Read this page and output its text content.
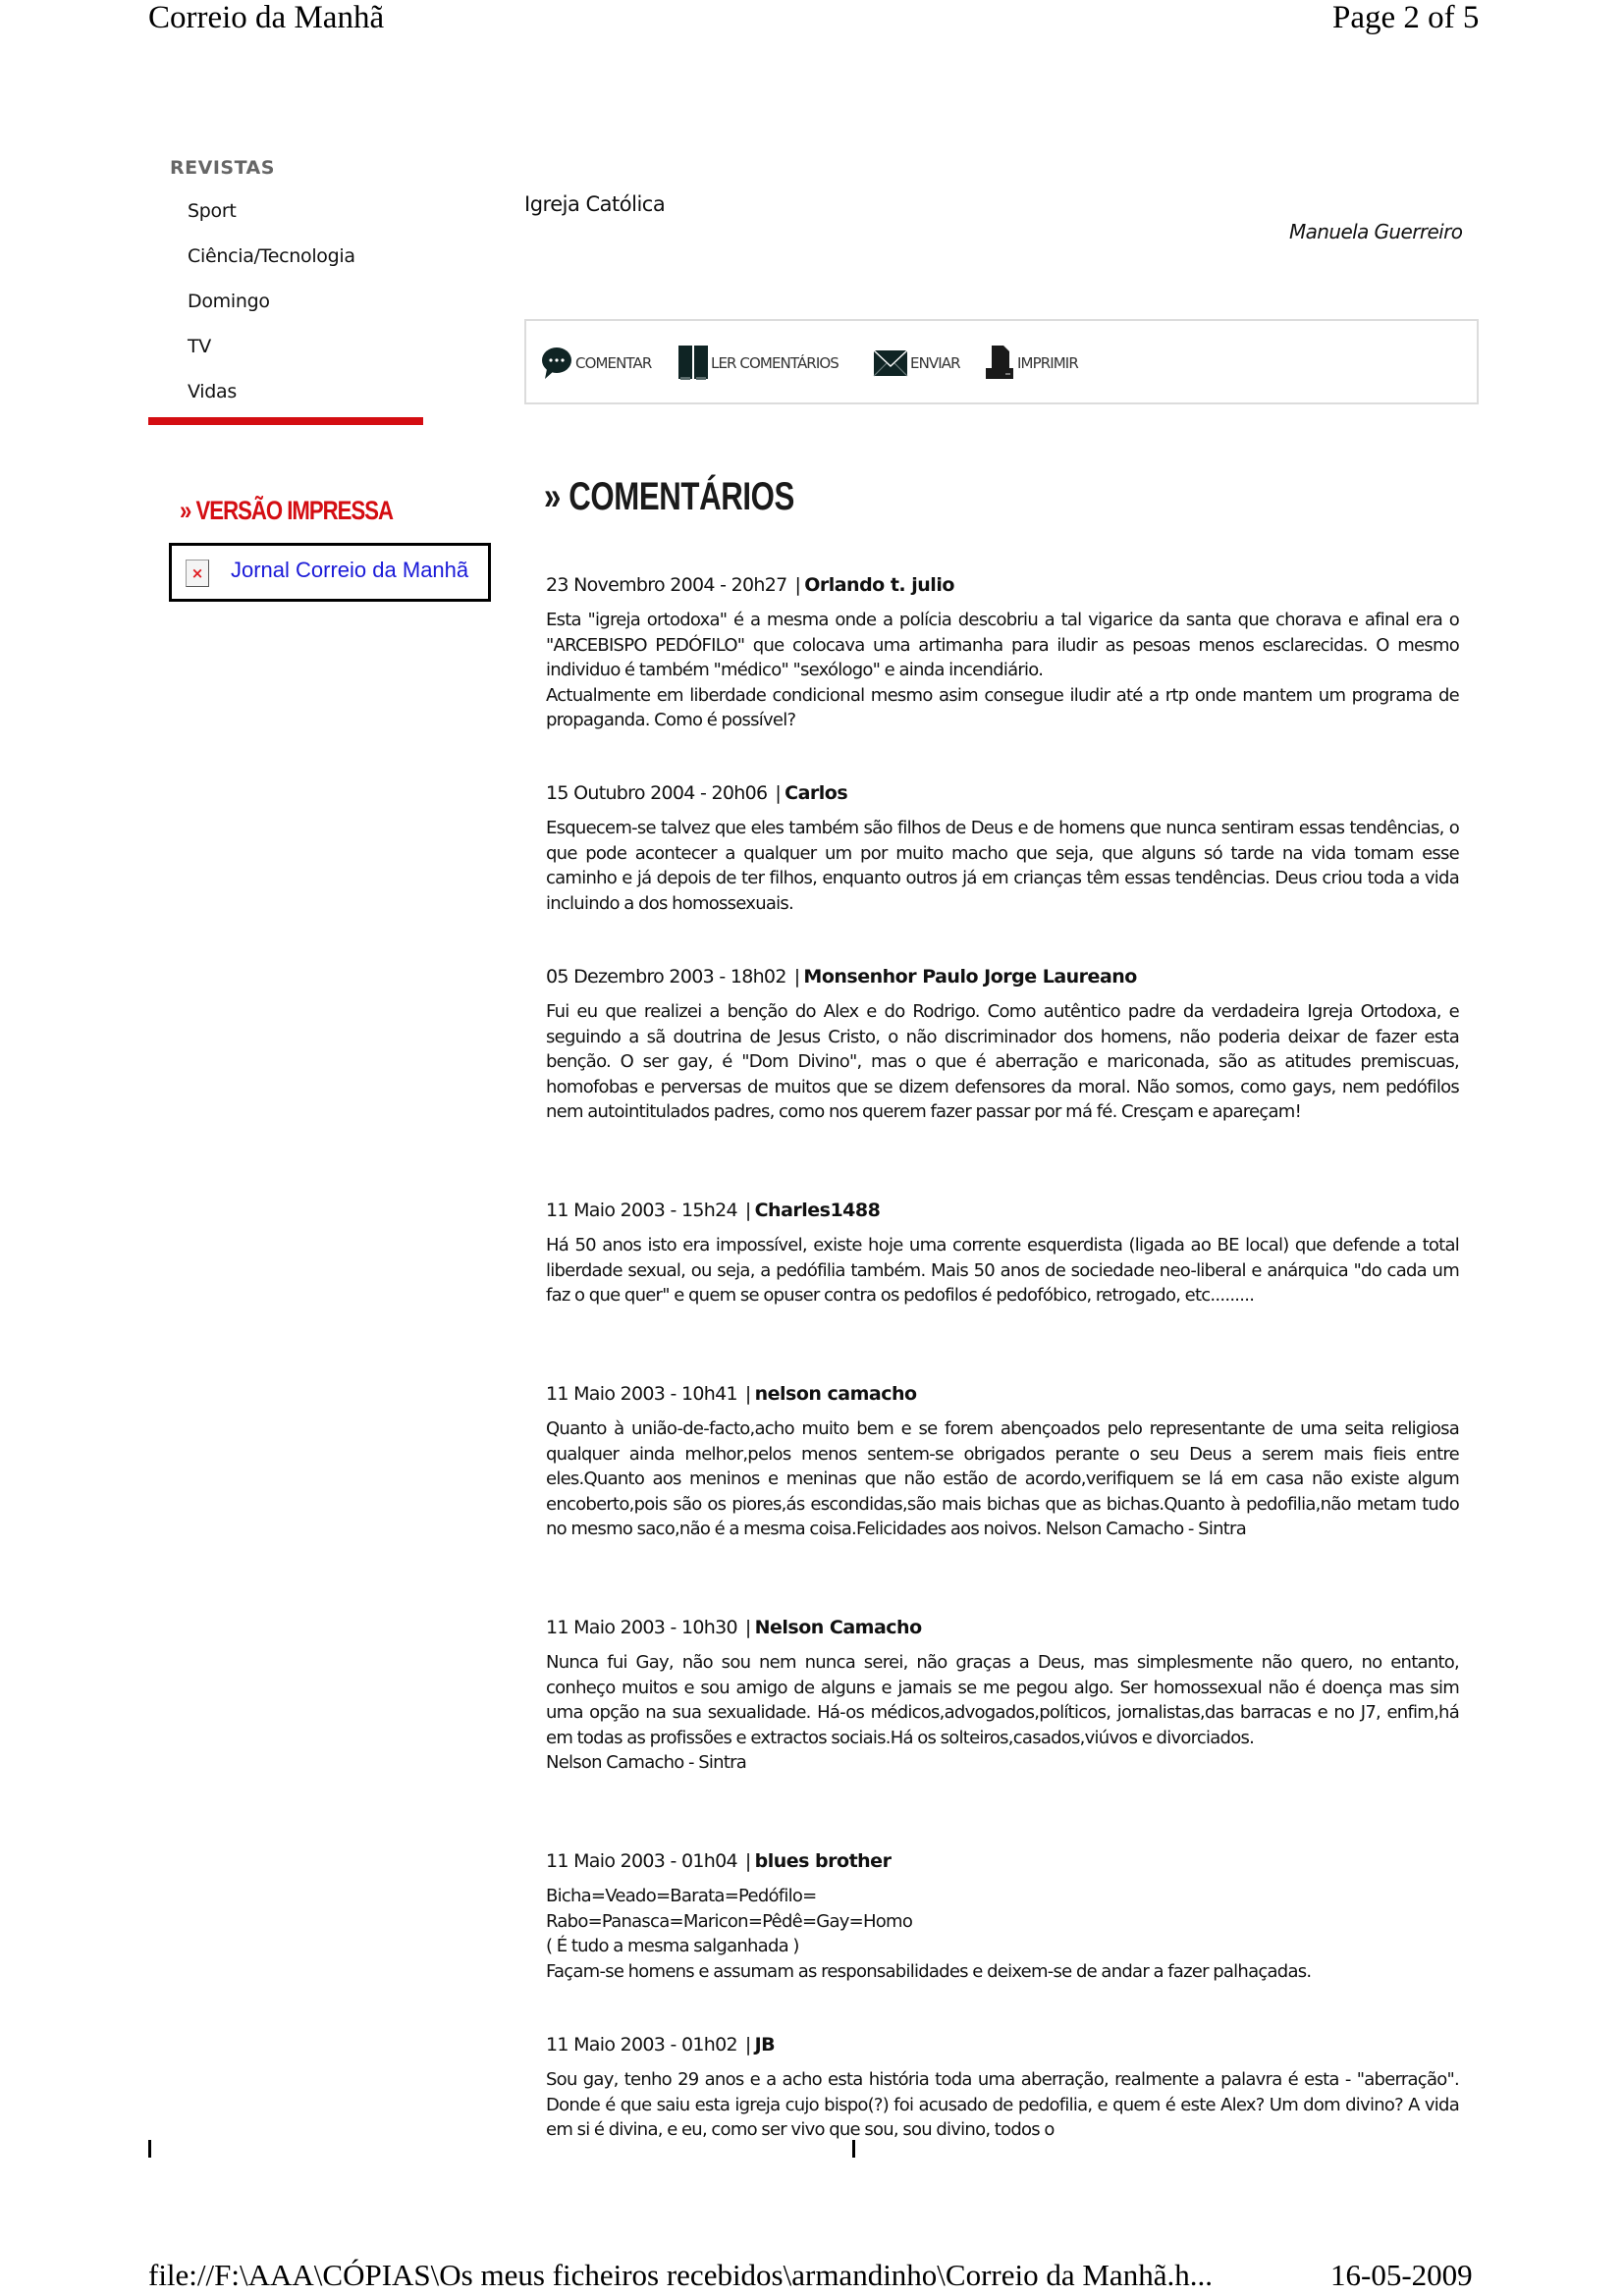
Correio da Manhã	Page 2 of 5
REVISTAS
Sport
Ciência/Tecnologia
Domingo
TV
Vidas
» VERSÃO IMPRESSA
× Jornal Correio da Manhã
Igreja Católica
Manuela Guerreiro
COMENTAR	LER COMENTÁRIOS	ENVIAR	IMPRIMIR
» COMENTÁRIOS
23 Novembro 2004 - 20h27 | Orlando t. julio
Esta "igreja ortodoxa" é a mesma onde a polícia descobriu a tal vigarice da santa que chorava e afinal era o "ARCEBISPO PEDÓFILO" que colocava uma artimanha para iludir as pesoas menos esclarecidas. O mesmo individuo é também "médico" "sexólogo" e ainda incendiário.
Actualmente em liberdade condicional mesmo asim consegue iludir até a rtp onde mantem um programa de propaganda. Como é possível?
15 Outubro 2004 - 20h06 | Carlos
Esquecem-se talvez que eles também são filhos de Deus e de homens que nunca sentiram essas tendências, o que pode acontecer a qualquer um por muito macho que seja, que alguns só tarde na vida tomam esse caminho e já depois de ter filhos, enquanto outros já em crianças têm essas tendências. Deus criou toda a vida incluindo a dos homossexuais.
05 Dezembro 2003 - 18h02 | Monsenhor Paulo Jorge Laureano
Fui eu que realizei a benção do Alex e do Rodrigo. Como autêntico padre da verdadeira Igreja Ortodoxa, e seguindo a sã doutrina de Jesus Cristo, o não discriminador dos homens, não poderia deixar de fazer esta benção. O ser gay, é "Dom Divino", mas o que é aberração e mariconada, são as atitudes premiscuas, homofobas e perversas de muitos que se dizem defensores da moral. Não somos, como gays, nem pedófilos nem autointitulados padres, como nos querem fazer passar por má fé. Cresçam e apareçam!
11 Maio 2003 - 15h24 | Charles1488
Há 50 anos isto era impossível, existe hoje uma corrente esquerdista (ligada ao BE local) que defende a total liberdade sexual, ou seja, a pedófilia também. Mais 50 anos de sociedade neo-liberal e anárquica "do cada um faz o que quer" e quem se opuser contra os pedofilos é pedofóbico, retrogado, etc.........
11 Maio 2003 - 10h41 | nelson camacho
Quanto à união-de-facto,acho muito bem e se forem abençoados pelo representante de uma seita religiosa qualquer ainda melhor,pelos menos sentem-se obrigados perante o seu Deus a serem mais fieis entre eles.Quanto aos meninos e meninas que não estão de acordo,verifiquem se lá em casa não existe algum encoberto,pois são os piores,ás escondidas,são mais bichas que as bichas.Quanto à pedofilia,não metam tudo no mesmo saco,não é a mesma coisa.Felicidades aos noivos. Nelson Camacho - Sintra
11 Maio 2003 - 10h30 | Nelson Camacho
Nunca fui Gay, não sou nem nunca serei, não graças a Deus, mas simplesmente não quero, no entanto, conheço muitos e sou amigo de alguns e jamais se me pegou algo. Ser homossexual não é doença mas sim uma opção na sua sexualidade. Há-os médicos,advogados,políticos, jornalistas,das barracas e no J7, enfim,há em todas as profissões e extractos sociais.Há os solteiros,casados,viúvos e divorciados.
Nelson Camacho - Sintra
11 Maio 2003 - 01h04 | blues brother
Bicha=Veado=Barata=Pedófilo=
Rabo=Panasca=Maricon=Pêdê=Gay=Homo
( É tudo a mesma salganhada )
Façam-se homens e assumam as responsabilidades e deixem-se de andar a fazer palhaçadas.
11 Maio 2003 - 01h02 | JB
Sou gay, tenho 29 anos e a acho esta história toda uma aberração, realmente a palavra é esta - "aberração". Donde é que saiu esta igreja cujo bispo(?) foi acusado de pedofilia, e quem é este Alex? Um dom divino? A vida em si é divina, e eu, como ser vivo que sou, sou divino, todos o
file://F:\AAA\CÓPIAS\Os meus ficheiros recebidos\armandinho\Correio da Manhã.h...	16-05-2009
